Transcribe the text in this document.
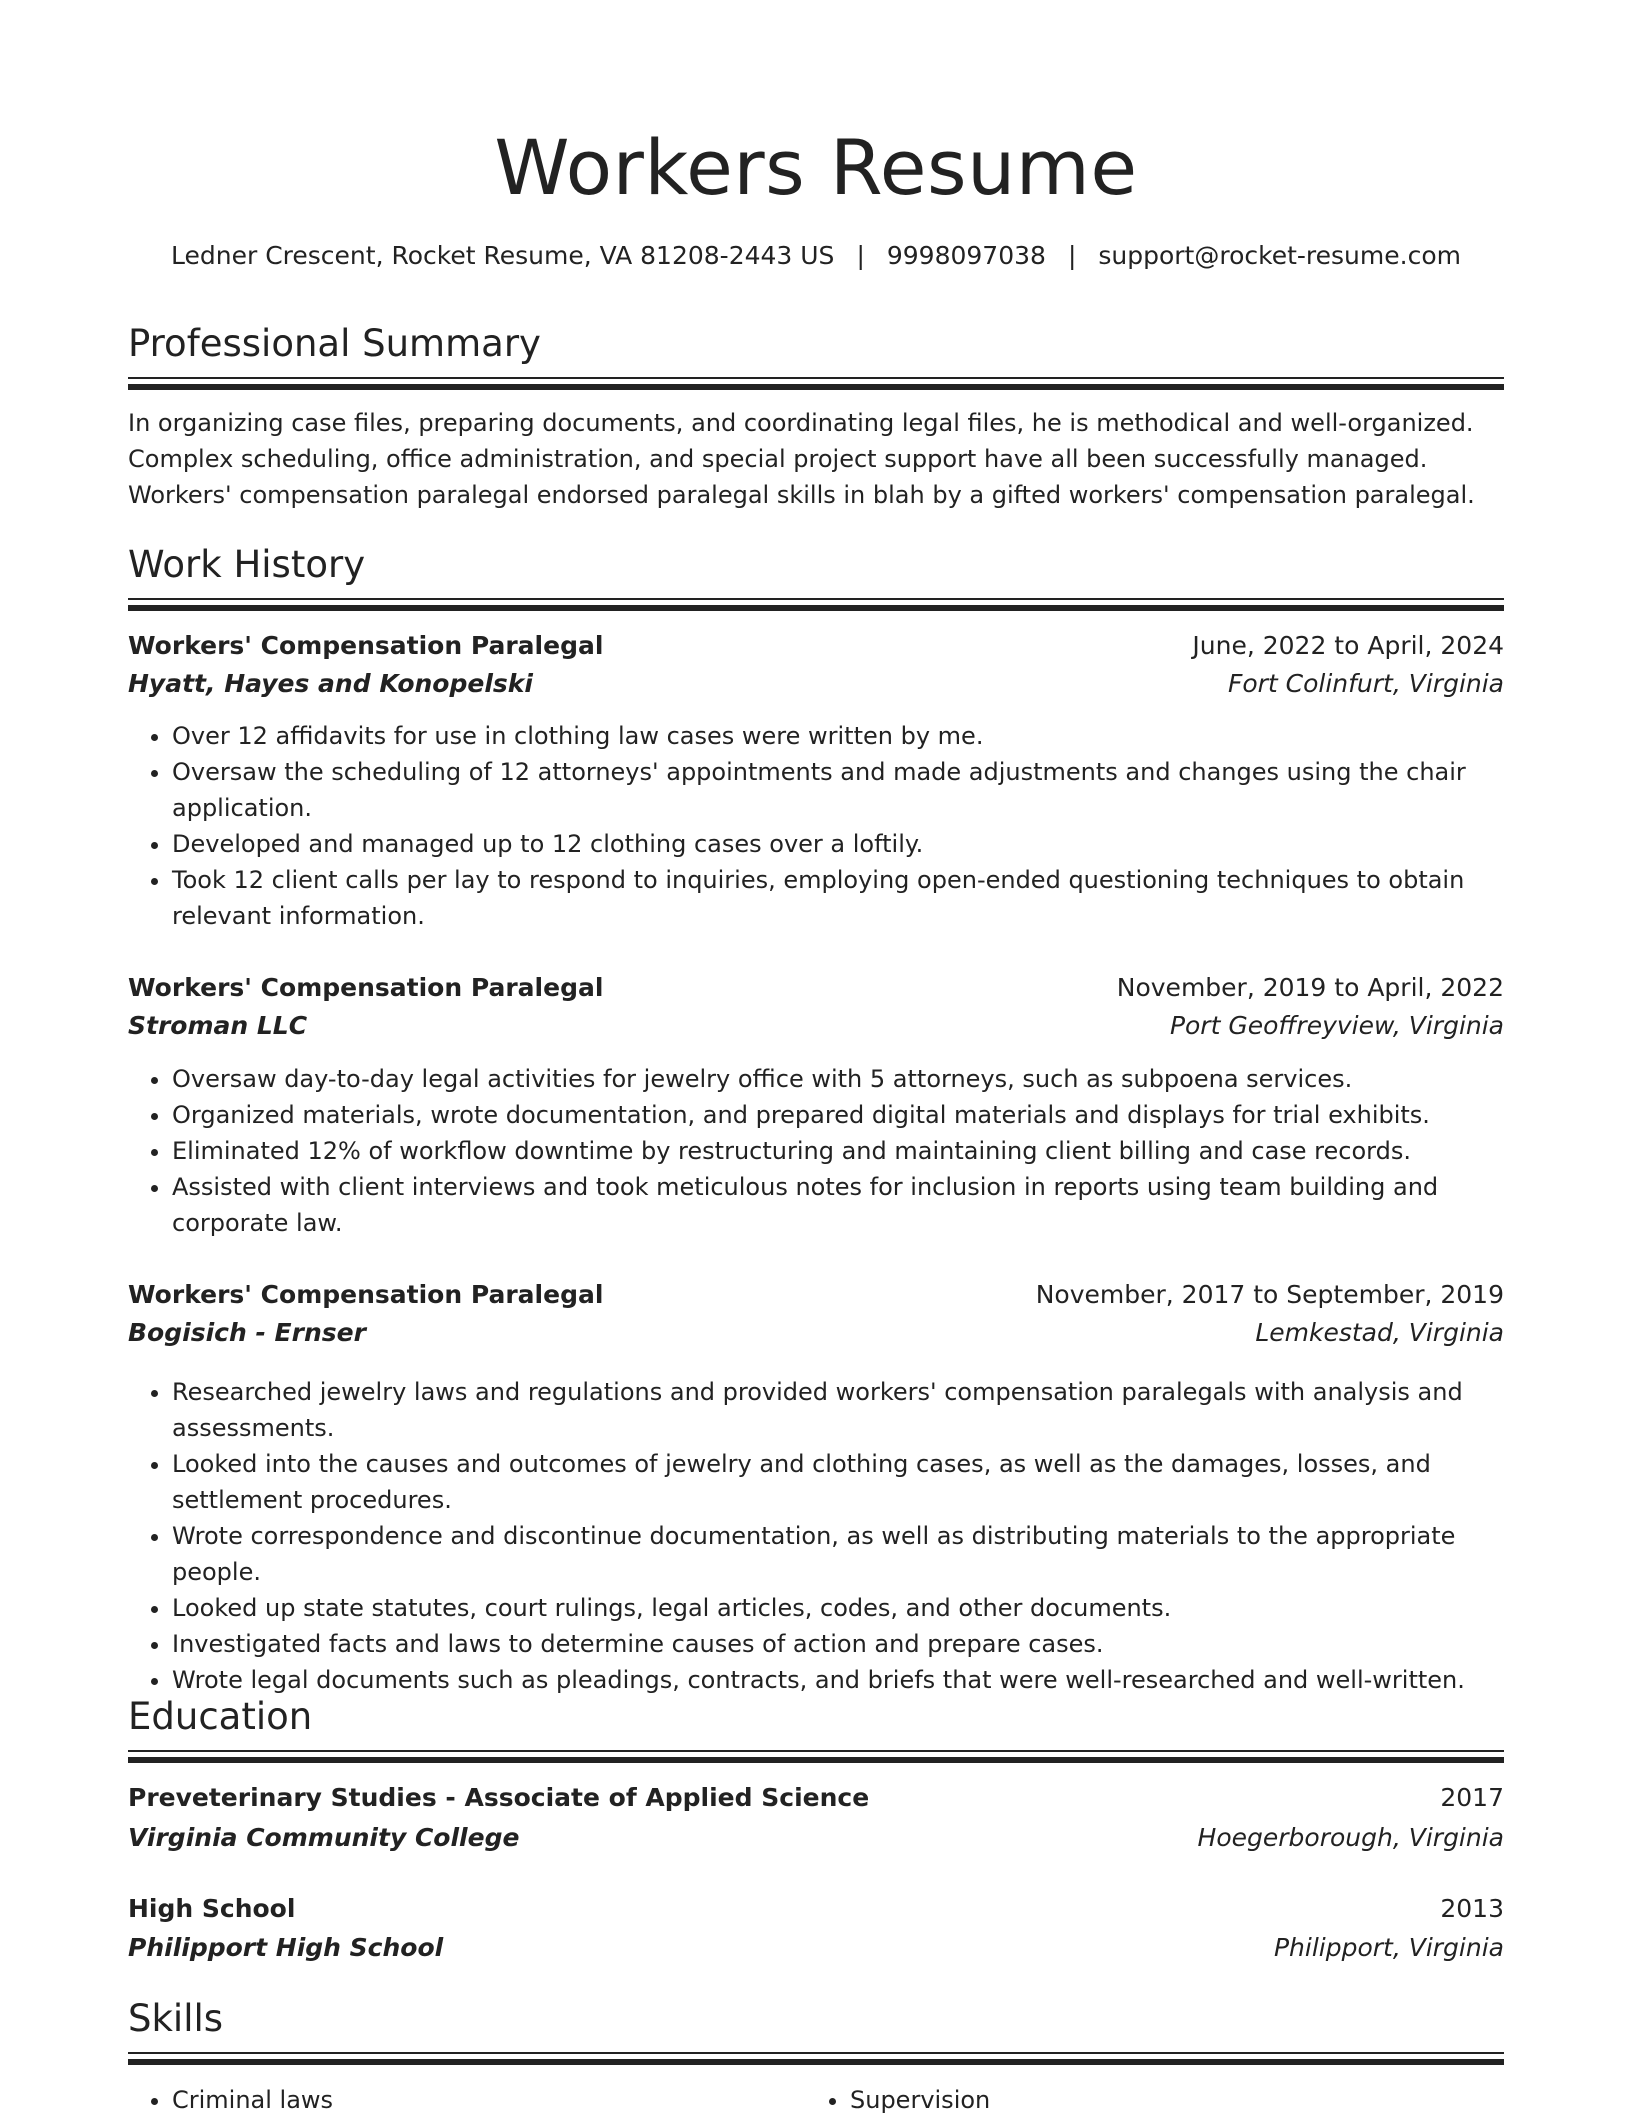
Workers Resume
Ledner Crescent, Rocket Resume, VA 81208-2443 US | 9998097038 | support@rocket-resume.com
Professional Summary
In organizing case files, preparing documents, and coordinating legal files, he is methodical and well-organized. Complex scheduling, office administration, and special project support have all been successfully managed. Workers' compensation paralegal endorsed paralegal skills in blah by a gifted workers' compensation paralegal.
Work History
Workers' Compensation Paralegal	June, 2022 to April, 2024
Hyatt, Hayes and Konopelski	Fort Colinfurt, Virginia
• Over 12 affidavits for use in clothing law cases were written by me.
• Oversaw the scheduling of 12 attorneys' appointments and made adjustments and changes using the chair application.
• Developed and managed up to 12 clothing cases over a loftily.
• Took 12 client calls per lay to respond to inquiries, employing open-ended questioning techniques to obtain relevant information.
Workers' Compensation Paralegal	November, 2019 to April, 2022
Stroman LLC	Port Geoffreyview, Virginia
• Oversaw day-to-day legal activities for jewelry office with 5 attorneys, such as subpoena services.
• Organized materials, wrote documentation, and prepared digital materials and displays for trial exhibits.
• Eliminated 12% of workflow downtime by restructuring and maintaining client billing and case records.
• Assisted with client interviews and took meticulous notes for inclusion in reports using team building and corporate law.
Workers' Compensation Paralegal	November, 2017 to September, 2019
Bogisich - Ernser	Lemkestad, Virginia
• Researched jewelry laws and regulations and provided workers' compensation paralegals with analysis and assessments.
• Looked into the causes and outcomes of jewelry and clothing cases, as well as the damages, losses, and settlement procedures.
• Wrote correspondence and discontinue documentation, as well as distributing materials to the appropriate people.
• Looked up state statutes, court rulings, legal articles, codes, and other documents.
• Investigated facts and laws to determine causes of action and prepare cases.
• Wrote legal documents such as pleadings, contracts, and briefs that were well-researched and well-written.
Education
Preveterinary Studies - Associate of Applied Science	2017
Virginia Community College	Hoegerborough, Virginia
High School	2013
Philipport High School	Philipport, Virginia
Skills
• Criminal laws
•	Supervision
